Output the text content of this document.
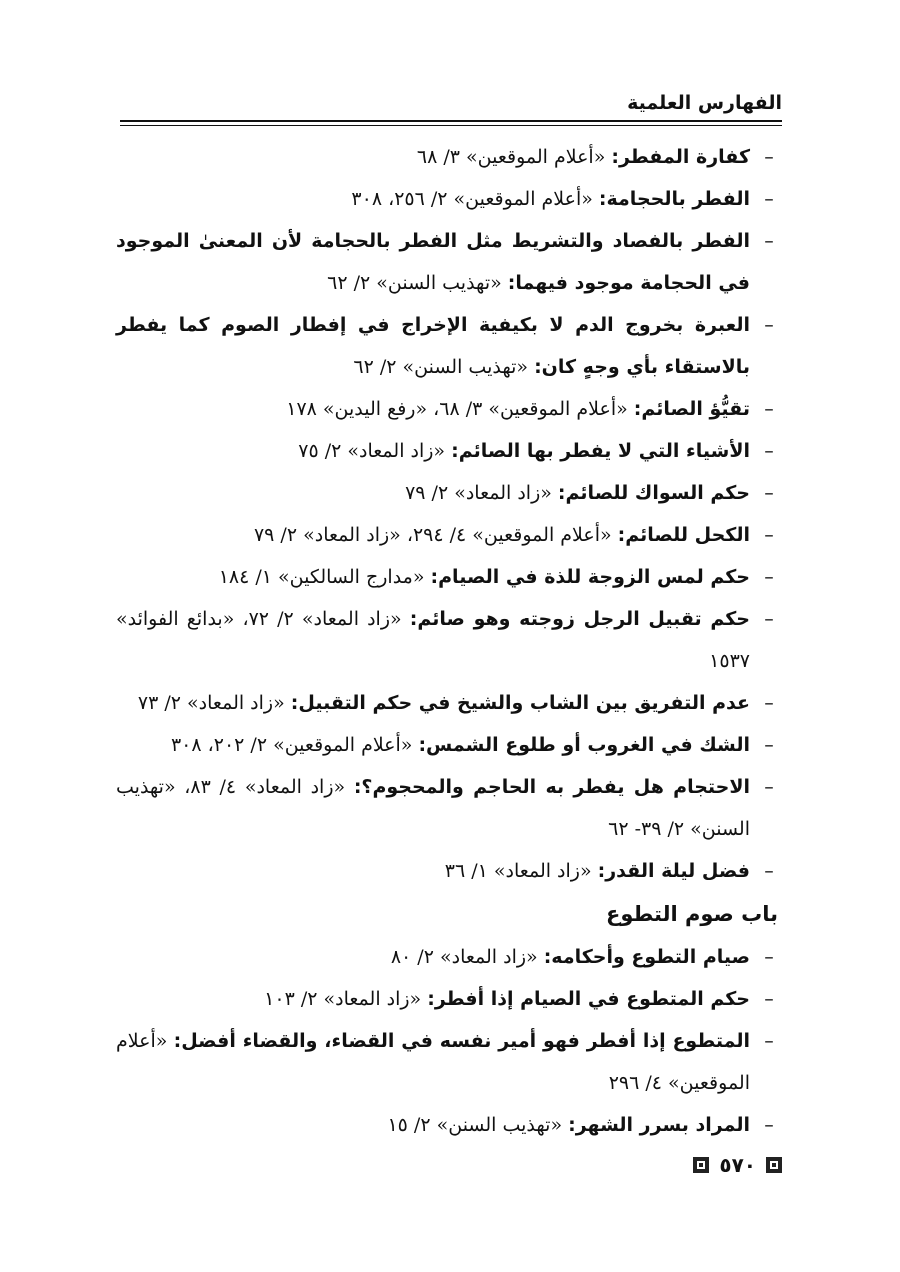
الفهارس العلمية
–
كفارة المفطر: «أعلام الموقعين» ٣/ ٦٨
–
الفطر بالحجامة: «أعلام الموقعين» ٢/ ٢٥٦، ٣٠٨
–
الفطر بالفصاد والتشريط مثل الفطر بالحجامة لأن المعنىٰ الموجود في الحجامة موجود فيهما: «تهذيب السنن» ٢/ ٦٢
–
العبرة بخروج الدم لا بكيفية الإخراج في إفطار الصوم كما يفطر بالاستقاء بأي وجهٍ كان: «تهذيب السنن» ٢/ ٦٢
–
تقيُّؤ الصائم: «أعلام الموقعين» ٣/ ٦٨، «رفع اليدين» ١٧٨
–
الأشياء التي لا يفطر بها الصائم: «زاد المعاد» ٢/ ٧٥
–
حكم السواك للصائم: «زاد المعاد» ٢/ ٧٩
–
الكحل للصائم: «أعلام الموقعين» ٤/ ٢٩٤، «زاد المعاد» ٢/ ٧٩
–
حكم لمس الزوجة للذة في الصيام: «مدارج السالكين» ١/ ١٨٤
–
حكم تقبيل الرجل زوجته وهو صائم: «زاد المعاد» ٢/ ٧٢، «بدائع الفوائد» ١٥٣٧
–
عدم التفريق بين الشاب والشيخ في حكم التقبيل: «زاد المعاد» ٢/ ٧٣
–
الشك في الغروب أو طلوع الشمس: «أعلام الموقعين» ٢/ ٢٠٢، ٣٠٨
–
الاحتجام هل يفطر به الحاجم والمحجوم؟: «زاد المعاد» ٤/ ٨٣، «تهذيب السنن» ٢/ ٣٩- ٦٢
–
فضل ليلة القدر: «زاد المعاد» ١/ ٣٦
باب صوم التطوع
–
صيام التطوع وأحكامه: «زاد المعاد» ٢/ ٨٠
–
حكم المتطوع في الصيام إذا أفطر: «زاد المعاد» ٢/ ١٠٣
–
المتطوع إذا أفطر فهو أمير نفسه في القضاء، والقضاء أفضل: «أعلام الموقعين» ٤/ ٢٩٦
–
المراد بسرر الشهر: «تهذيب السنن» ٢/ ١٥
٥٧٠
